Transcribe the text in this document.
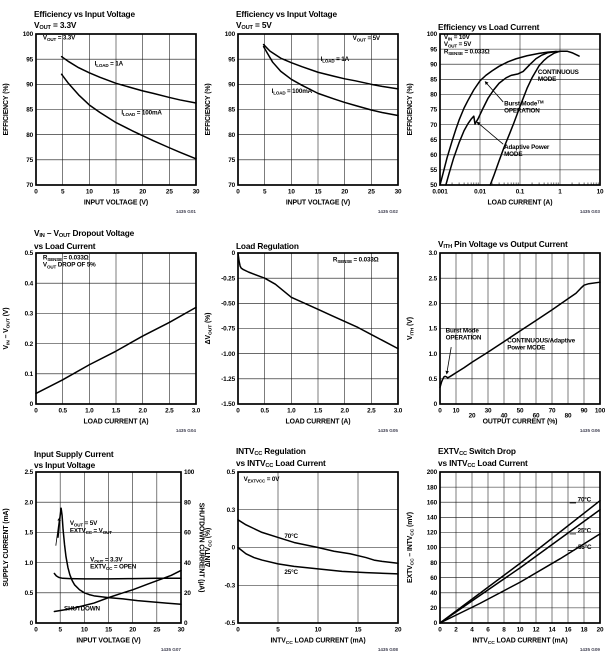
Efficiency vs Input Voltage
$V_{OUT} = 3.3V$
0	5	10	15	20	25	30
70
75
80
85
90
95
100
EFFICIENCY (%)
INPUT VOLTAGE (V)
$V_{OUT} = 3.3V$
$I_{LOAD} = 1A$
$I_{LOAD} = 100mA$
1435 G01
Efficiency vs Input Voltage
$V_{OUT} = 5V$
0	5	10	15	20	25	30
70
75
80
85
90
95
100
EFFICIENCY (%)
INPUT VOLTAGE (V)
$V_{OUT} = 5V$
$I_{LOAD} = 1A$
$I_{LOAD} = 100mA$
1435 G02
Efficiency vs Load Current
0.001	0.01	0.1	1	10
50
55
60
65
70
75
80
85
90
95
100
EFFICIENCY (%)
LOAD CURRENT (A)
$V_{IN} = 10V$
$V_{OUT} = 5V$
$R_{SENSE} = 0.033\Omega$
CONTINUOUS
MODE
Burst Mode™
OPERATION
Adaptive Power
MODE
1435 G03
$V_{IN} - V_{OUT}$ Dropout Voltage
vs Load Current
0	0.5	1.0	1.5	2.0	2.5	3.0
0
0.1
0.2
0.3
0.4
0.5
$V_{IN} - V_{OUT}$ (V)
LOAD CURRENT (A)
$R_{SENSE} = 0.033\Omega$
$V_{OUT}$ DROP OF 5%
1435 G04
Load Regulation
0	0.5	1.0	1.5	2.0	2.5	3.0
-1.50
-1.25
-1.00
-0.75
-0.50
-0.25
0
$\Delta V_{OUT}$ (%)
LOAD CURRENT (A)
$R_{SENSE} = 0.033\Omega$
1435 G05
$V_{ITH}$ Pin Voltage vs Output Current
0 10
20
30
40
50
60
70
80
90 100
0
0.5
1.0
1.5
2.0
2.5
3.0
$V_{ITH}$ (V)
OUTPUT CURRENT (%)
Burst Mode
OPERATION	CONTINUOUS/Adaptive
Power MODE
1435 G06
Input Supply Current
vs Input Voltage
0	5	10	15	20	25	30
0
0.5
1.0
1.5
2.0
2.5
0
20
40
60
80
100
SUPPLY CURRENT (mA)
INPUT VOLTAGE (V)
SHUTDOWN CURRENT (µA)
$V_{OUT} = 5V$
$EXTV_{CC} = V_{OUT}$
$V_{OUT} = 3.3V$
$EXTV_{CC}$ = OPEN
SHUTDOWN
1435 G07
$INTV_{CC}$ Regulation
vs $INTV_{CC}$ Load Current
0	5	10	15	20
-0.5
-0.3
0
0.3
0.5
$\Delta INTV_{CC}$ (%)
$INTV_{CC}$ LOAD CURRENT (mA)
$V_{EXTVCC} = 0V$
70°C
25°C
1435 G08
$EXTV_{CC}$ Switch Drop
vs $INTV_{CC}$ Load Current
0 2 4 6 8 10 12 14 16 18 20
0
20
40
60
80
100
120
140
160
180
200
$EXTV_{CC}$ – $INTV_{CC}$ (mV)
$INTV_{CC}$ LOAD CURRENT (mA)
70°C
25°C
-55°C
1435 G09
